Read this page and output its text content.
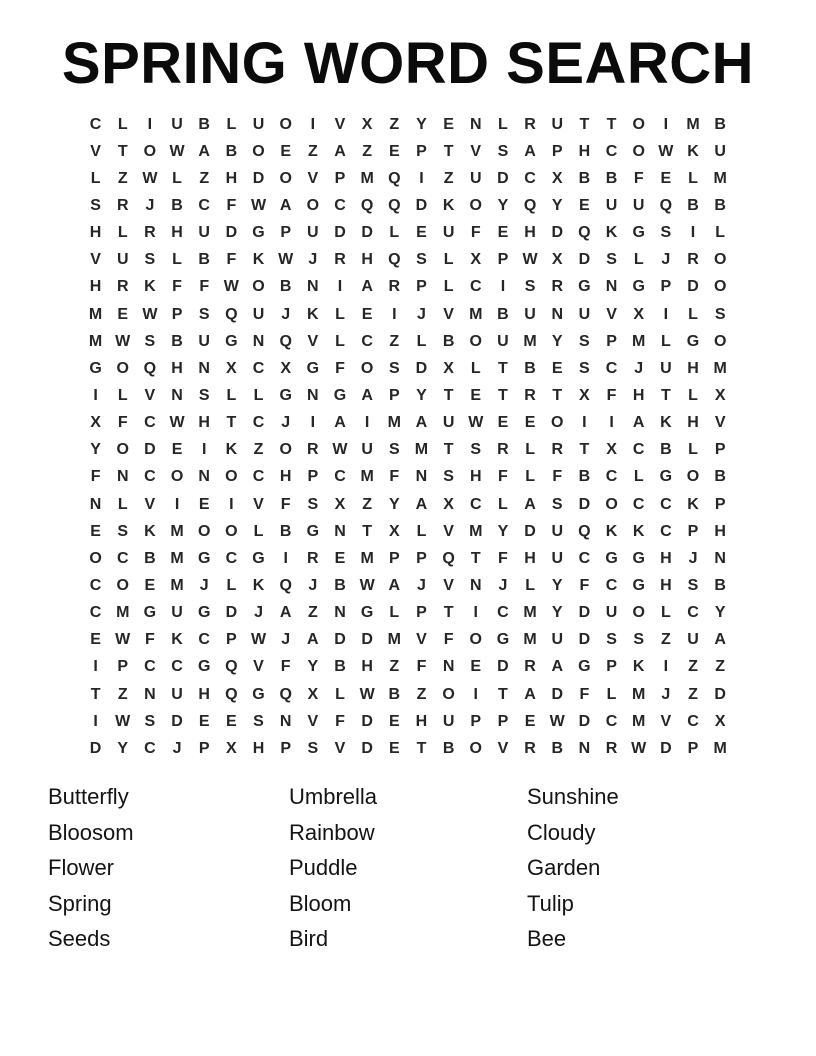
SPRING WORD SEARCH
C	L	I	U B	L	U O	I	V	X	Z	Y	E	N	L	R U	T	T	O	I	M B
V	T	O W A B O E	Z	A	Z	E	P	T	V	S	A	P	H C O W K U
L	Z W L	Z	H D O V	P M Q	I	Z	U D C	X	B B	F	E	L M
S	R	J	B C	F W A O C Q Q D K O Y Q Y	E	U U Q B B
H	L	R H U D G P	U D D	L	E	U	F	E	H D Q K G S	I	L
V	U	S	L	B	F	K W J	R H Q S	L	X	P W X	D	S	L	J	R O
H R K	F	F W O B N	I	A R	P	L	C	I	S	R G N G P	D O
M E W P	S Q U	J	K	L	E	I	J	V M B U N U	V	X	I	L	S
M W S	B U G N Q V	L	C	Z	L	B O U M Y	S	P M L	G O
G O Q H N	X	C	X G	F	O S	D	X	L	T	B	E	S	C	J	U H M
I	L	V	N	S	L	L	G N G A	P	Y	T	E	T	R	T	X	F	H	T	L	X
X	F	C W H	T	C	J	I	A	I	M A U W E	E O	I	I	A K H	V
Y O D	E	I	K	Z	O R W U	S M T	S	R	L	R	T	X	C B	L	P
F	N C O N O C H	P	C M F	N	S	H	F	L	F	B C	L	G O B
N	L	V	I	E	I	V	F	S	X	Z	Y	A	X	C	L	A	S	D O C C K	P
E	S	K M O O	L	B G N	T	X	L	V M Y	D U Q K K C	P	H
O C B M G C G	I	R	E M P	P Q	T	F	H U C G G H	J	N
C O E M	J	L	K Q	J	B W A	J	V	N	J	L	Y	F	C G H	S	B
C M G U G D	J	A	Z	N G	L	P	T	I	C M Y	D U O	L	C	Y
E W F	K C	P W J	A D D M V	F	O G M U D	S	S	Z	U A
I	P	C C G Q V	F	Y	B H	Z	F	N	E	D R A G P	K	I	Z	Z
T	Z	N U H Q G Q X	L W B	Z	O	I	T	A D	F	L M	J	Z	D
I	W S	D	E	E	S	N	V	F	D	E	H U	P	P	E W D C M V	C	X
D	Y	C	J	P	X	H	P	S	V	D	E	T	B O V	R B N R W D	P M
Butterfly
Bloosom
Flower
Spring
Seeds
Umbrella
Rainbow
Puddle
Bloom
Bird
Sunshine
Cloudy
Garden
Tulip
Bee
